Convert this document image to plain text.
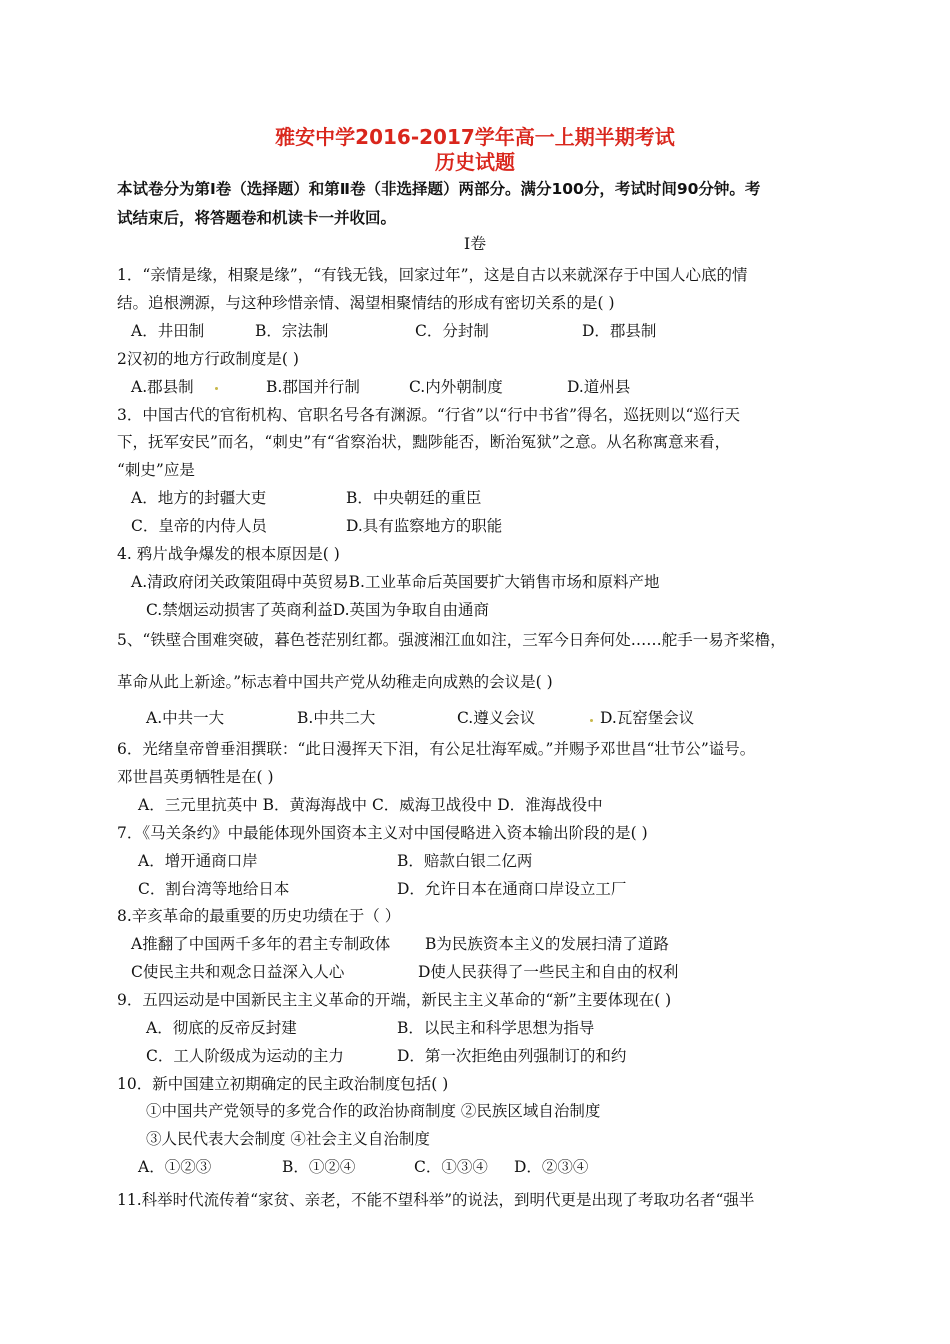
雅安中学2016-2017学年高一上期半期考试
历史试题
本试卷分为第Ⅰ卷（选择题）和第Ⅱ卷（非选择题）两部分。满分100分，考试时间90分钟。考
试结束后，将答题卷和机读卡一并收回。
Ⅰ卷
1．“亲情是缘，相聚是缘”，“有钱无钱，回家过年”，这是自古以来就深存于中国人心底的情
结。追根溯源，与这种珍惜亲情、渴望相聚情结的形成有密切关系的是( )
A．井田制	B．宗法制	C．分封制	D．郡县制
2汉初的地方行政制度是( )
A.郡县制	B.郡国并行制	C.内外朝制度	D.道州县
3．中国古代的官衔机构、官职名号各有渊源。“行省”以“行中书省”得名，巡抚则以“巡行天
下，抚军安民”而名，“刺史”有“省察治状，黜陟能否，断治冤狱”之意。从名称寓意来看，
“刺史”应是
A．地方的封疆大吏	B．中央朝廷的重臣
C．皇帝的内侍人员	D.具有监察地方的职能
4. 鸦片战争爆发的根本原因是( )
A.清政府闭关政策阻碍中英贸易B.工业革命后英国要扩大销售市场和原料产地
C.禁烟运动损害了英商利益D.英国为争取自由通商
5、“铁壁合围难突破，暮色苍茫别红都。强渡湘江血如注，三军今日奔何处……舵手一易齐桨橹，
革命从此上新途。”标志着中国共产党从幼稚走向成熟的会议是( )
A.中共一大	B.中共二大	C.遵义会议	D.瓦窑堡会议
6．光绪皇帝曾垂泪撰联：“此日漫挥天下泪，有公足壮海军威。”并赐予邓世昌“壮节公”谥号。
邓世昌英勇牺牲是在( )
A．三元里抗英中 B．黄海海战中 C．威海卫战役中 D．淮海战役中
7．《马关条约》中最能体现外国资本主义对中国侵略进入资本输出阶段的是( )
A．增开通商口岸	B．赔款白银二亿两
C．割台湾等地给日本	D．允许日本在通商口岸设立工厂
8.辛亥革命的最重要的历史功绩在于（ ）
A推翻了中国两千多年的君主专制政体 B为民族资本主义的发展扫清了道路
C使民主共和观念日益深入人心	D使人民获得了一些民主和自由的权利
9．五四运动是中国新民主主义革命的开端，新民主主义革命的“新”主要体现在( )
A．彻底的反帝反封建	B．以民主和科学思想为指导
C．工人阶级成为运动的主力	D．第一次拒绝由列强制订的和约
10．新中国建立初期确定的民主政治制度包括( )
①中国共产党领导的多党合作的政治协商制度 ②民族区域自治制度
③人民代表大会制度 ④社会主义自治制度
A．①②③	B．①②④	C．①③④ D．②③④
11.科举时代流传着“家贫、亲老，不能不望科举”的说法，到明代更是出现了考取功名者“强半
